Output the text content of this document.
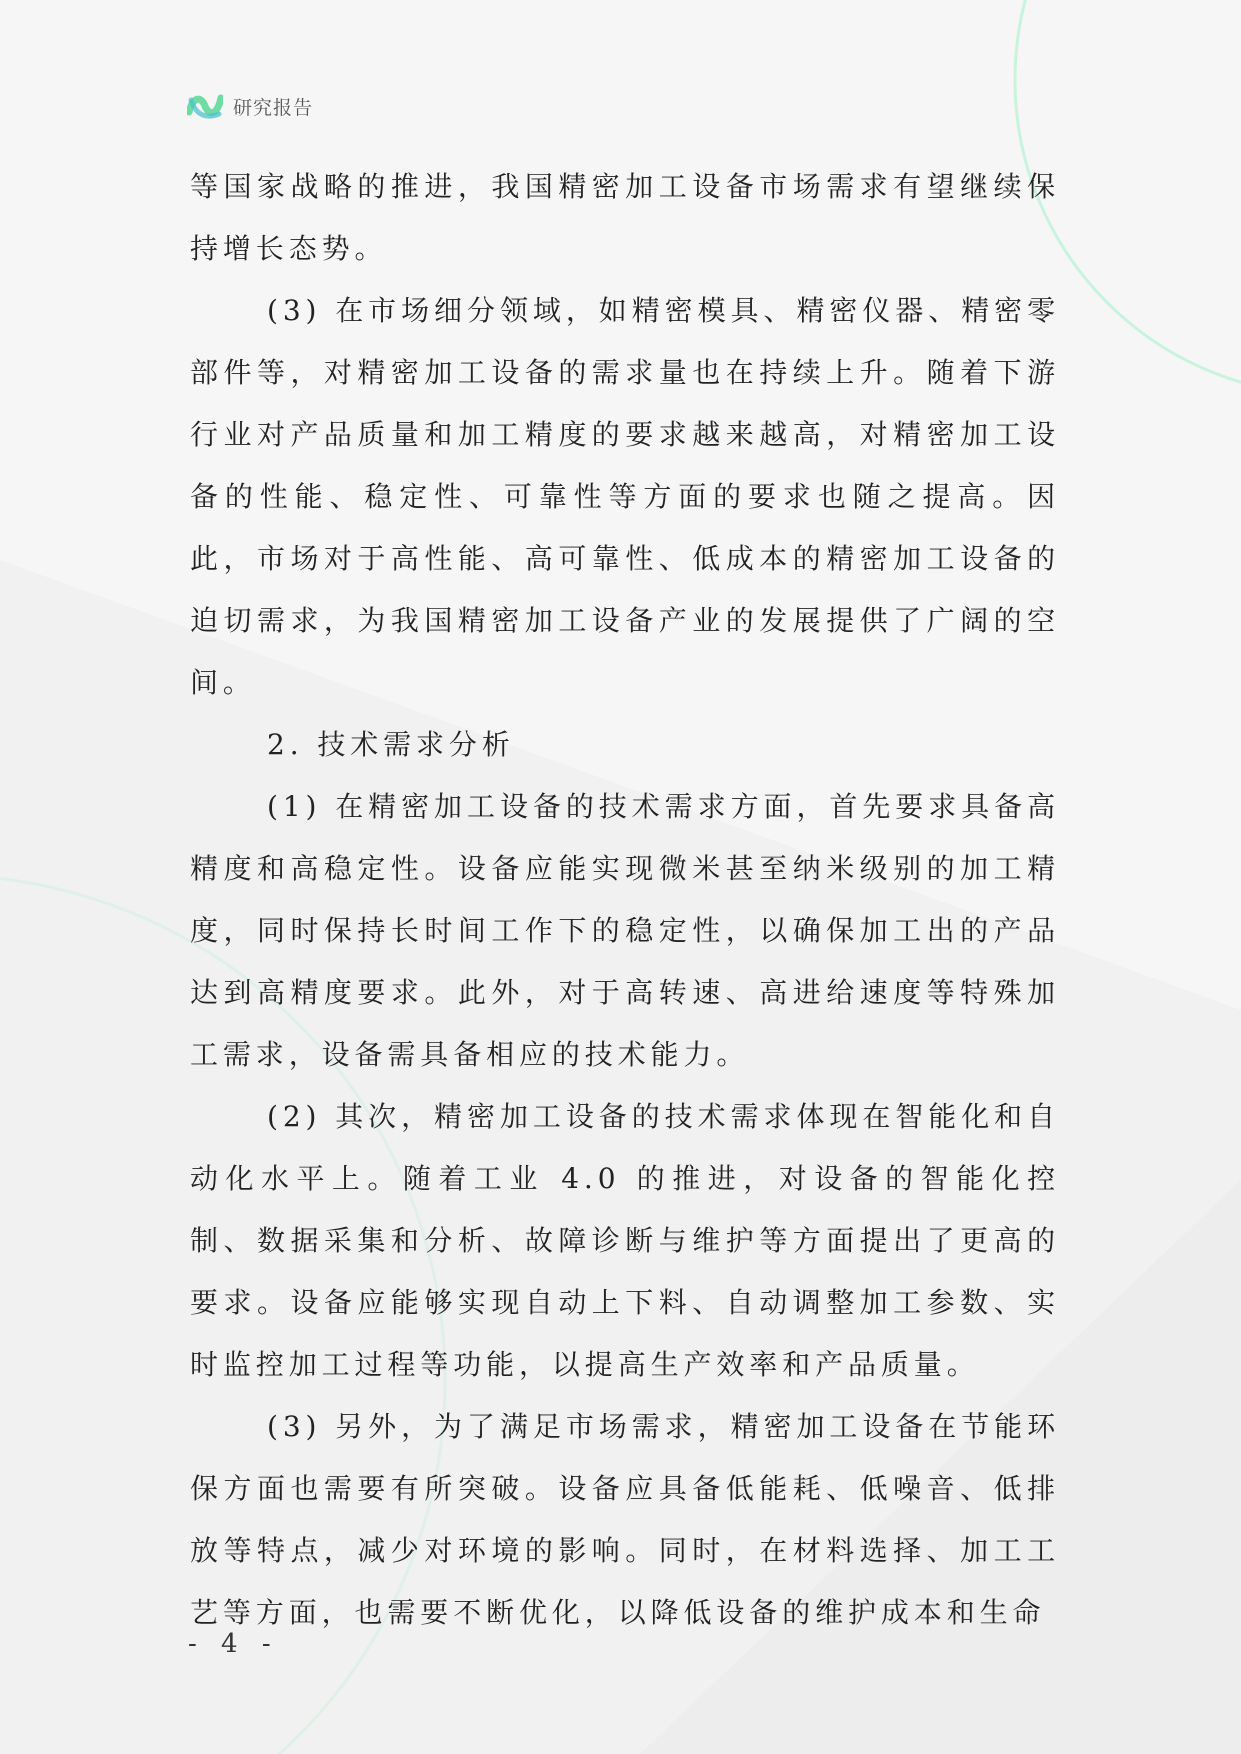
研究报告

等国家战略的推进，我国精密加工设备市场需求有望继续保持增长态势。

(3) 在市场细分领域，如精密模具、精密仪器、精密零部件等，对精密加工设备的需求量也在持续上升。随着下游行业对产品质量和加工精度的要求越来越高，对精密加工设备的性能、稳定性、可靠性等方面的要求也随之提高。因此，市场对于高性能、高可靠性、低成本的精密加工设备的迫切需求，为我国精密加工设备产业的发展提供了广阔的空间。

2. 技术需求分析

(1) 在精密加工设备的技术需求方面，首先要求具备高精度和高稳定性。设备应能实现微米甚至纳米级别的加工精度，同时保持长时间工作下的稳定性，以确保加工出的产品达到高精度要求。此外，对于高转速、高进给速度等特殊加工需求，设备需具备相应的技术能力。

(2) 其次，精密加工设备的技术需求体现在智能化和自动化水平上。随着工业 4.0 的推进，对设备的智能化控制、数据采集和分析、故障诊断与维护等方面提出了更高的要求。设备应能够实现自动上下料、自动调整加工参数、实时监控加工过程等功能，以提高生产效率和产品质量。

(3) 另外，为了满足市场需求，精密加工设备在节能环保方面也需要有所突破。设备应具备低能耗、低噪音、低排放等特点，减少对环境的影响。同时，在材料选择、加工工艺等方面，也需要不断优化，以降低设备的维护成本和生命

- 4 -
